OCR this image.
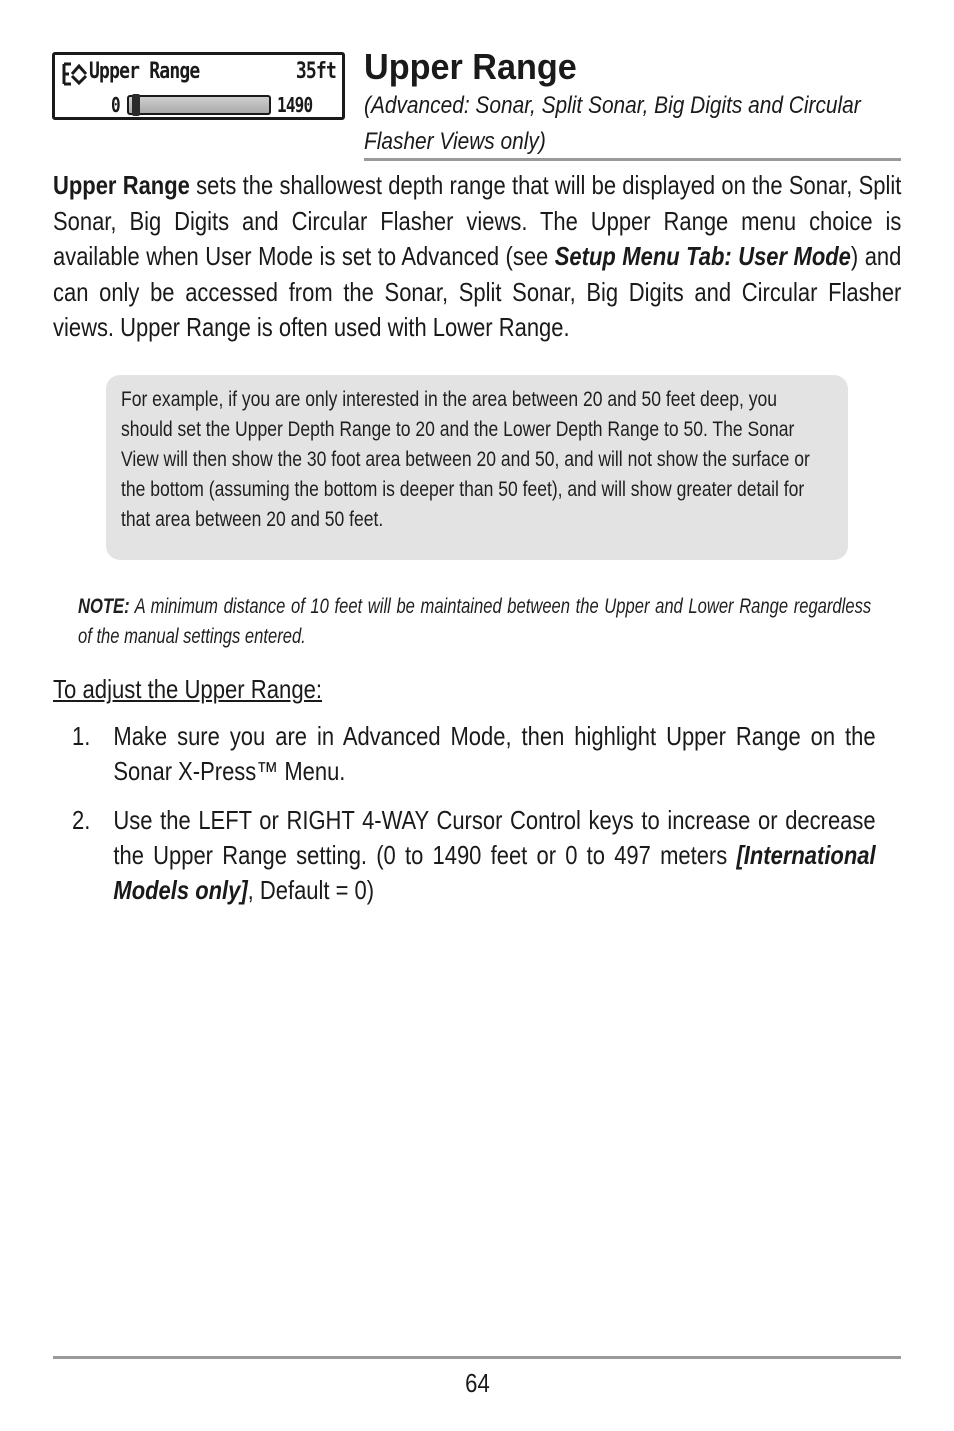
Upper Range	35ft
0	1490
Upper Range
(Advanced: Sonar, Split Sonar, Big Digits and Circular Flasher Views only)
Upper Range sets the shallowest depth range that will be displayed on the Sonar, Split Sonar, Big Digits and Circular Flasher views. The Upper Range menu choice is available when User Mode is set to Advanced (see Setup Menu Tab: User Mode) and can only be accessed from the Sonar, Split Sonar, Big Digits and Circular Flasher views. Upper Range is often used with Lower Range.
For example, if you are only interested in the area between 20 and 50 feet deep, you should set the Upper Depth Range to 20 and the Lower Depth Range to 50. The Sonar View will then show the 30 foot area between 20 and 50, and will not show the surface or the bottom (assuming the bottom is deeper than 50 feet), and will show greater detail for that area between 20 and 50 feet.
NOTE: A minimum distance of 10 feet will be maintained between the Upper and Lower Range regardless of the manual settings entered.
To adjust the Upper Range:
1. Make sure you are in Advanced Mode, then highlight Upper Range on the Sonar X-Press™ Menu.
2. Use the LEFT or RIGHT 4-WAY Cursor Control keys to increase or decrease the Upper Range setting. (0 to 1490 feet or 0 to 497 meters [International Models only], Default = 0)
64
